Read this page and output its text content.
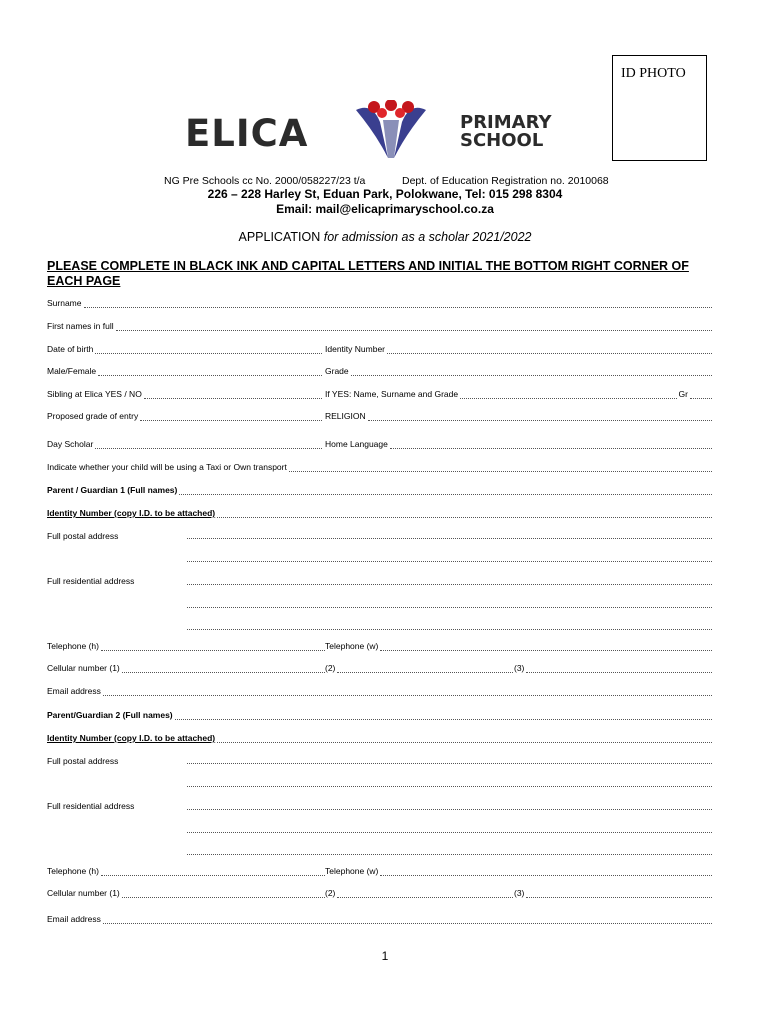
ID PHOTO
ELICA	PRIMARY
SCHOOL
NG Pre Schools cc No. 2000/058227/23 t/a	Dept. of Education Registration no. 2010068
226 – 228 Harley St, Eduan Park, Polokwane, Tel: 015 298 8304
Email: mail@elicaprimaryschool.co.za
APPLICATION for admission as a scholar 2021/2022
PLEASE COMPLETE IN BLACK INK AND CAPITAL LETTERS AND INITIAL THE BOTTOM RIGHT CORNER OF EACH PAGE
Surname
First names in full
Date of birth	Identity Number
Male/Female	Grade
Sibling at Elica YES / NO	If YES: Name, Surname and Grade	Gr
Proposed grade of entry	RELIGION
Day Scholar	Home Language
Indicate whether your child will be using a Taxi or Own transport
Parent / Guardian 1 (Full names)
Identity Number (copy I.D. to be attached)
Full postal address
Full residential address
Telephone (h)	Telephone (w)
Cellular number (1)	(2)	(3)
Email address
Parent/Guardian 2 (Full names)
Identity Number (copy I.D. to be attached)
Full postal address
Full residential address
Telephone (h)	Telephone (w)
Cellular number (1)	(2)	(3)
Email address
1
